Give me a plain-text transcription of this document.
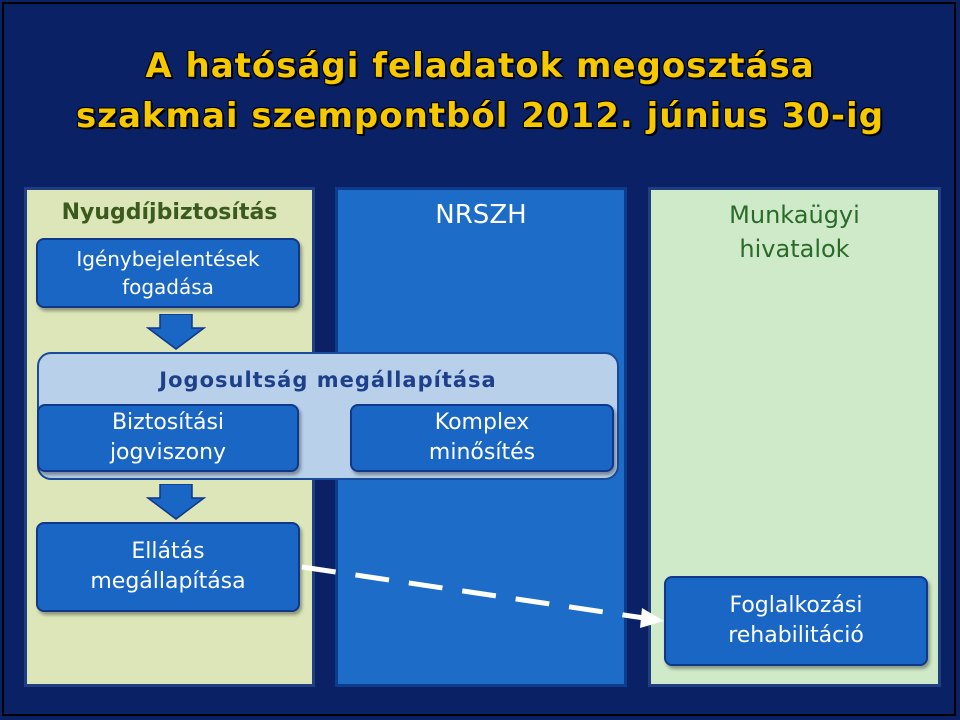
A hatósági feladatok megosztása
szakmai szempontból 2012. június 30-ig
Nyugdíjbiztosítás	NRSZH	Munkaügyi
hivatalok
Igénybejelentések
fogadása
Jogosultság megállapítása
Biztosítási
jogviszony
Komplex
minősítés
Ellátás
megállapítása
Foglalkozási
rehabilitáció
